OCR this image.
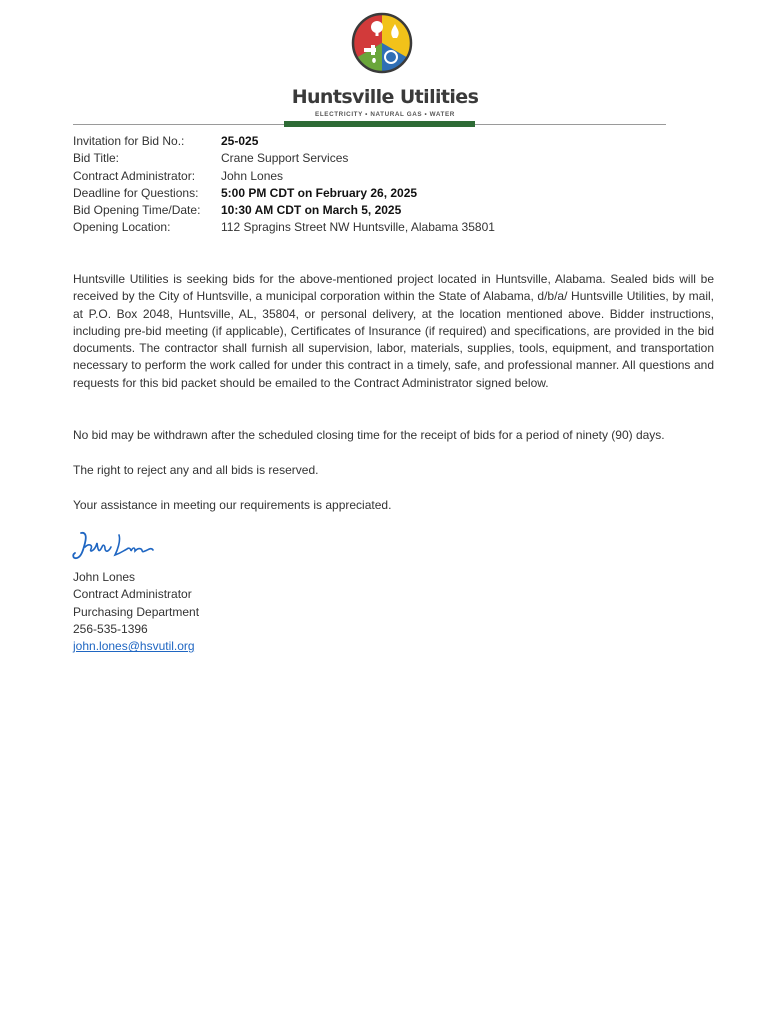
Huntsville Utilities
ELECTRICITY • NATURAL GAS • WATER
Invitation for Bid No.:	25-025
Bid Title:	Crane Support Services
Contract Administrator:	John Lones
Deadline for Questions:	5:00 PM CDT on February 26, 2025
Bid Opening Time/Date:	10:30 AM CDT on March 5, 2025
Opening Location:	112 Spragins Street NW Huntsville, Alabama 35801
Huntsville Utilities is seeking bids for the above-mentioned project located in Huntsville, Alabama. Sealed bids will be received by the City of Huntsville, a municipal corporation within the State of Alabama, d/b/a/ Huntsville Utilities, by mail, at P.O. Box 2048, Huntsville, AL, 35804, or personal delivery, at the location mentioned above. Bidder instructions, including pre-bid meeting (if applicable), Certificates of Insurance (if required) and specifications, are provided in the bid documents. The contractor shall furnish all supervision, labor, materials, supplies, tools, equipment, and transportation necessary to perform the work called for under this contract in a timely, safe, and professional manner. All questions and requests for this bid packet should be emailed to the Contract Administrator signed below.
No bid may be withdrawn after the scheduled closing time for the receipt of bids for a period of ninety (90) days.
The right to reject any and all bids is reserved.
Your assistance in meeting our requirements is appreciated.
John Lones
Contract Administrator
Purchasing Department
256-535-1396
john.lones@hsvutil.org
